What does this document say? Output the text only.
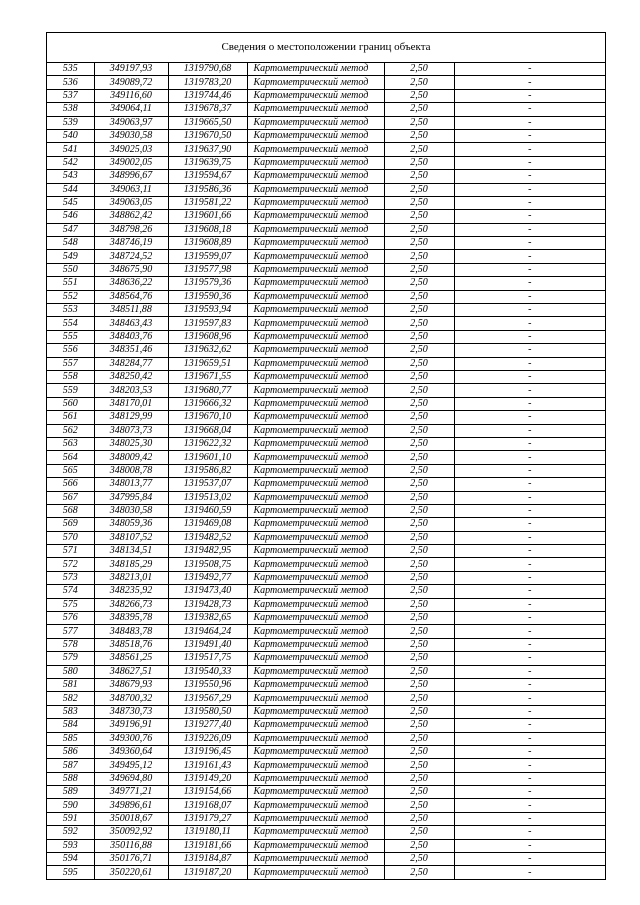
Сведения о местоположении границ объекта
535	349197,93	1319790,68	Картометрический метод	2,50	-
536	349089,72	1319783,20	Картометрический метод	2,50	-
537	349116,60	1319744,46	Картометрический метод	2,50	-
538	349064,11	1319678,37	Картометрический метод	2,50	-
539	349063,97	1319665,50	Картометрический метод	2,50	-
540	349030,58	1319670,50	Картометрический метод	2,50	-
541	349025,03	1319637,90	Картометрический метод	2,50	-
542	349002,05	1319639,75	Картометрический метод	2,50	-
543	348996,67	1319594,67	Картометрический метод	2,50	-
544	349063,11	1319586,36	Картометрический метод	2,50	-
545	349063,05	1319581,22	Картометрический метод	2,50	-
546	348862,42	1319601,66	Картометрический метод	2,50	-
547	348798,26	1319608,18	Картометрический метод	2,50	-
548	348746,19	1319608,89	Картометрический метод	2,50	-
549	348724,52	1319599,07	Картометрический метод	2,50	-
550	348675,90	1319577,98	Картометрический метод	2,50	-
551	348636,22	1319579,36	Картометрический метод	2,50	-
552	348564,76	1319590,36	Картометрический метод	2,50	-
553	348511,88	1319593,94	Картометрический метод	2,50	-
554	348463,43	1319597,83	Картометрический метод	2,50	-
555	348403,76	1319608,96	Картометрический метод	2,50	-
556	348351,46	1319632,62	Картометрический метод	2,50	-
557	348284,77	1319659,51	Картометрический метод	2,50	-
558	348250,42	1319671,55	Картометрический метод	2,50	-
559	348203,53	1319680,77	Картометрический метод	2,50	-
560	348170,01	1319666,32	Картометрический метод	2,50	-
561	348129,99	1319670,10	Картометрический метод	2,50	-
562	348073,73	1319668,04	Картометрический метод	2,50	-
563	348025,30	1319622,32	Картометрический метод	2,50	-
564	348009,42	1319601,10	Картометрический метод	2,50	-
565	348008,78	1319586,82	Картометрический метод	2,50	-
566	348013,77	1319537,07	Картометрический метод	2,50	-
567	347995,84	1319513,02	Картометрический метод	2,50	-
568	348030,58	1319460,59	Картометрический метод	2,50	-
569	348059,36	1319469,08	Картометрический метод	2,50	-
570	348107,52	1319482,52	Картометрический метод	2,50	-
571	348134,51	1319482,95	Картометрический метод	2,50	-
572	348185,29	1319508,75	Картометрический метод	2,50	-
573	348213,01	1319492,77	Картометрический метод	2,50	-
574	348235,92	1319473,40	Картометрический метод	2,50	-
575	348266,73	1319428,73	Картометрический метод	2,50	-
576	348395,78	1319382,65	Картометрический метод	2,50	-
577	348483,78	1319464,24	Картометрический метод	2,50	-
578	348518,76	1319491,40	Картометрический метод	2,50	-
579	348561,25	1319517,75	Картометрический метод	2,50	-
580	348627,51	1319540,33	Картометрический метод	2,50	-
581	348679,93	1319550,96	Картометрический метод	2,50	-
582	348700,32	1319567,29	Картометрический метод	2,50	-
583	348730,73	1319580,50	Картометрический метод	2,50	-
584	349196,91	1319277,40	Картометрический метод	2,50	-
585	349300,76	1319226,09	Картометрический метод	2,50	-
586	349360,64	1319196,45	Картометрический метод	2,50	-
587	349495,12	1319161,43	Картометрический метод	2,50	-
588	349694,80	1319149,20	Картометрический метод	2,50	-
589	349771,21	1319154,66	Картометрический метод	2,50	-
590	349896,61	1319168,07	Картометрический метод	2,50	-
591	350018,67	1319179,27	Картометрический метод	2,50	-
592	350092,92	1319180,11	Картометрический метод	2,50	-
593	350116,88	1319181,66	Картометрический метод	2,50	-
594	350176,71	1319184,87	Картометрический метод	2,50	-
595	350220,61	1319187,20	Картометрический метод	2,50	-
